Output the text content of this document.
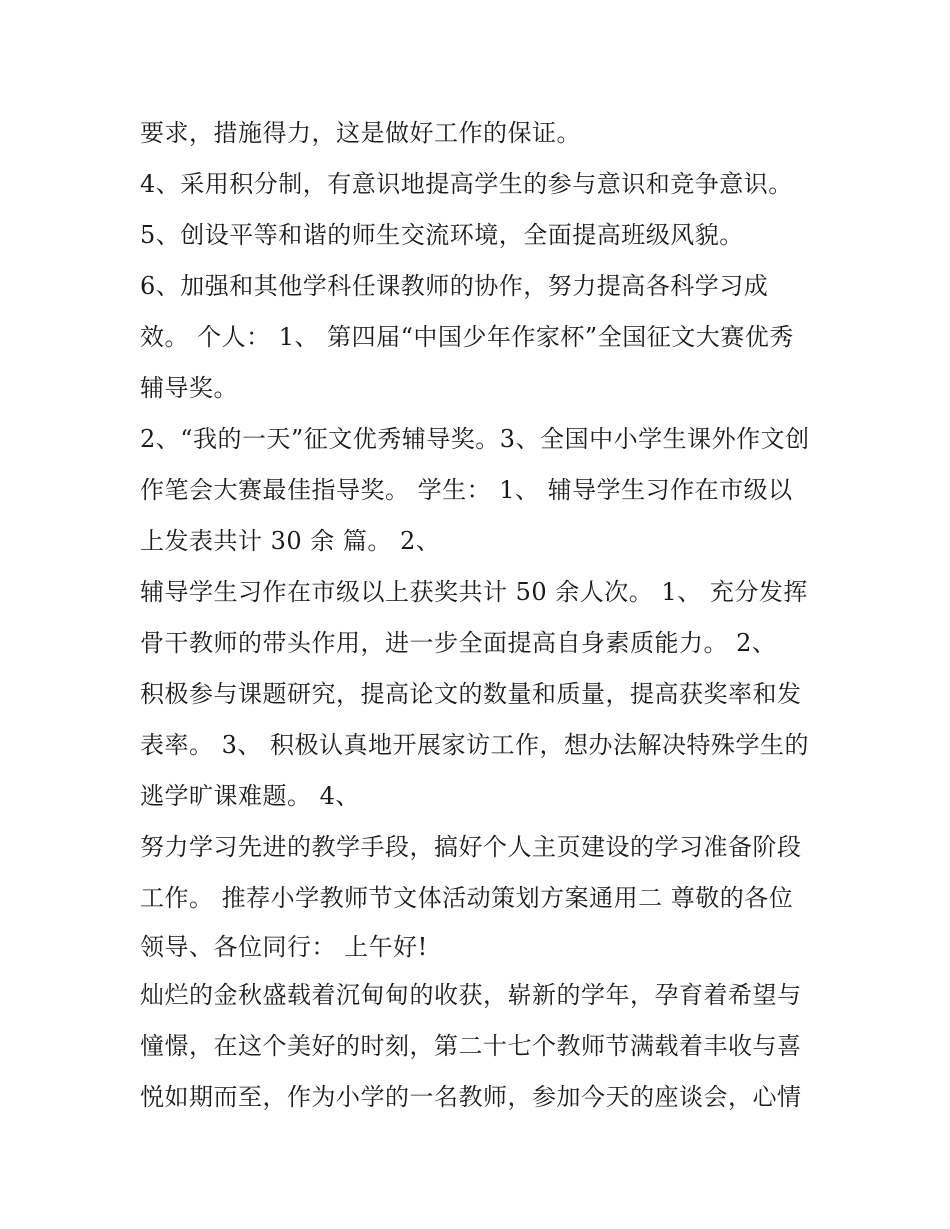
要求，措施得力，这是做好工作的保证。
4、采用积分制，有意识地提高学生的参与意识和竞争意识。
5、创设平等和谐的师生交流环境，全面提高班级风貌。
6、加强和其他学科任课教师的协作，努力提高各科学习成
效。 个人： 1、 第四届“中国少年作家杯”全国征文大赛优秀
辅导奖。
2、“我的一天”征文优秀辅导奖。3、全国中小学生课外作文创
作笔会大赛最佳指导奖。 学生： 1、 辅导学生习作在市级以
上发表共计 30 余 篇。 2、
辅导学生习作在市级以上获奖共计 50 余人次。 1、 充分发挥
骨干教师的带头作用，进一步全面提高自身素质能力。 2、
积极参与课题研究，提高论文的数量和质量，提高获奖率和发
表率。 3、 积极认真地开展家访工作，想办法解决特殊学生的
逃学旷课难题。 4、
努力学习先进的教学手段，搞好个人主页建设的学习准备阶段
工作。 推荐小学教师节文体活动策划方案通用二 尊敬的各位
领导、各位同行： 上午好!
灿烂的金秋盛载着沉甸甸的收获，崭新的学年，孕育着希望与
憧憬，在这个美好的时刻，第二十七个教师节满载着丰收与喜
悦如期而至，作为小学的一名教师，参加今天的座谈会，心情
